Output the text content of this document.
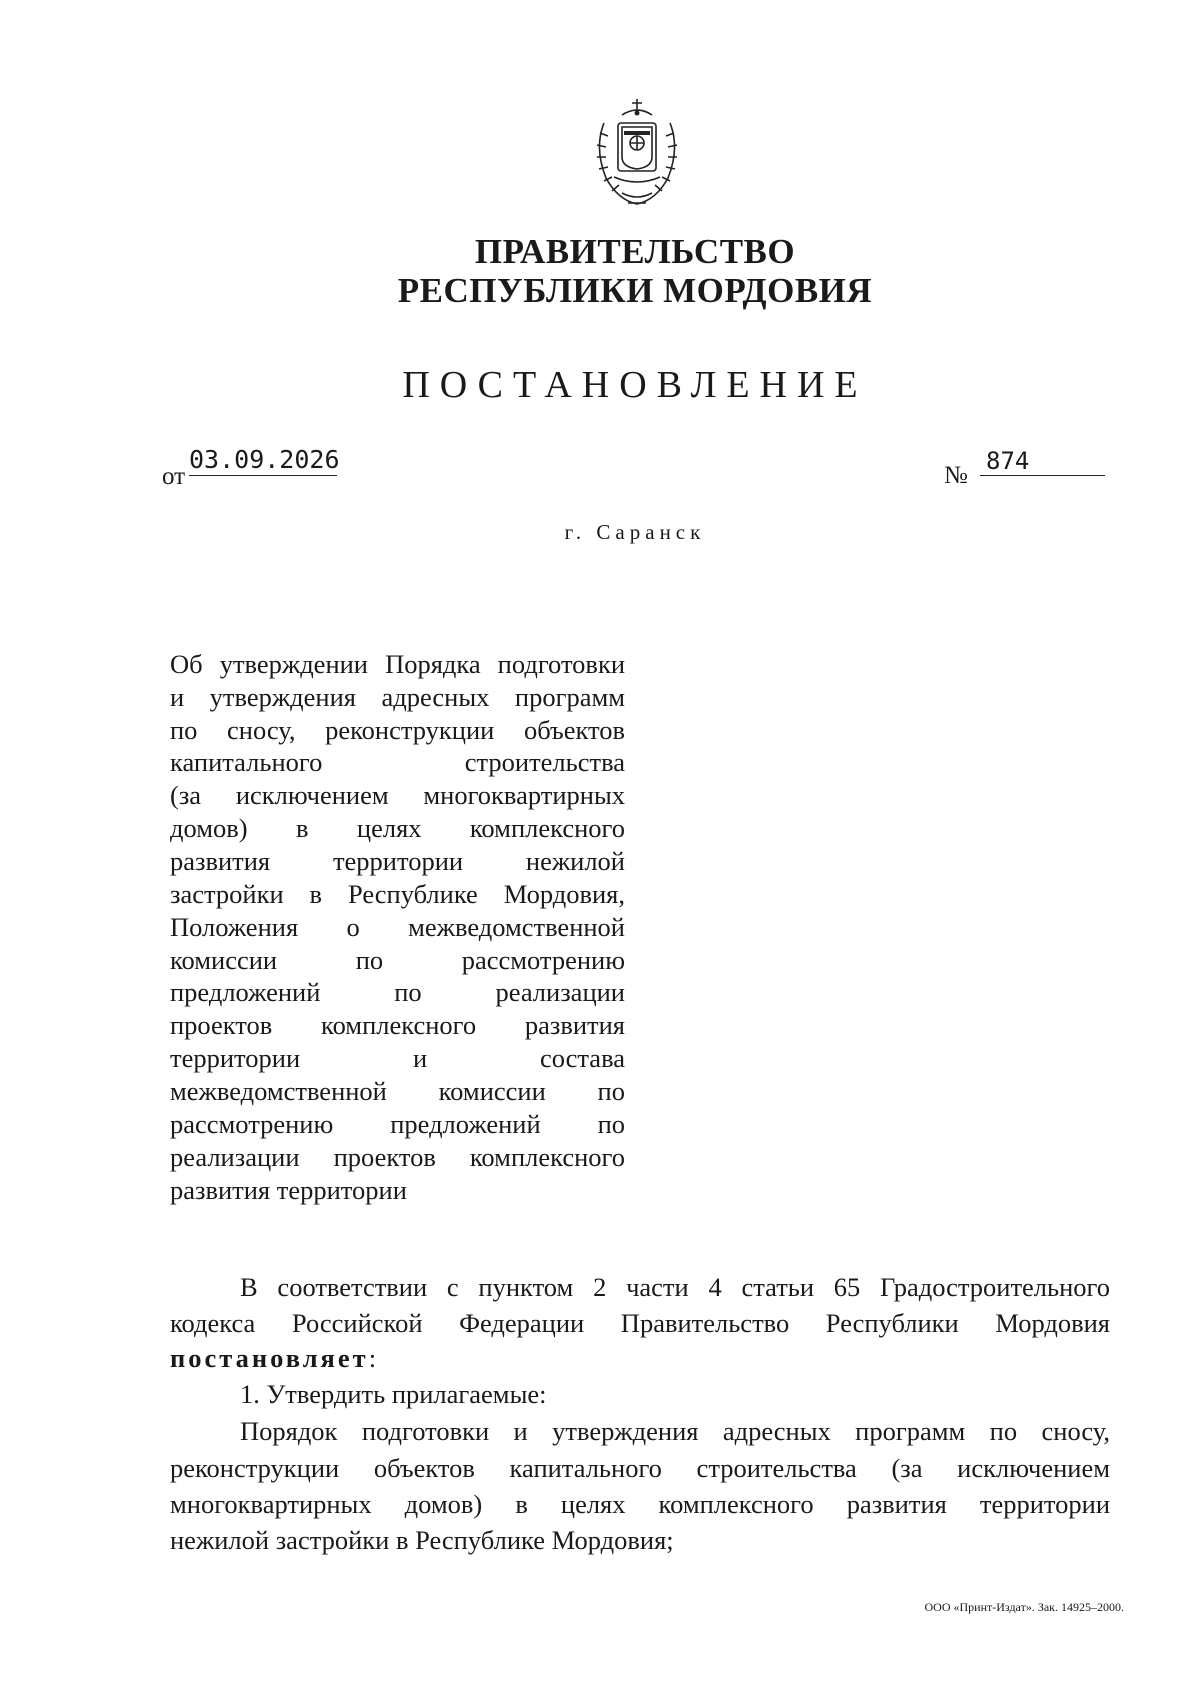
ПРАВИТЕЛЬСТВО
РЕСПУБЛИКИ МОРДОВИЯ
ПОСТАНОВЛЕНИЕ
от
03.09.2026
№
874
г. Саранск
Об утверждении Порядка подготовки
и утверждения адресных программ
по сносу, реконструкции объектов
капитального строительства
(за исключением многоквартирных
домов) в целях комплексного
развития территории нежилой
застройки в Республике Мордовия,
Положения о межведомственной
комиссии по рассмотрению
предложений по реализации
проектов комплексного развития
территории и состава
межведомственной комиссии по
рассмотрению предложений по
реализации проектов комплексного
развития территории
В соответствии с пунктом 2 части 4 статьи 65 Градостроительного
кодекса Российской Федерации Правительство Республики Мордовия
постановляет:
1. Утвердить прилагаемые:
Порядок подготовки и утверждения адресных программ по сносу,
реконструкции объектов капитального строительства (за исключением
многоквартирных домов) в целях комплексного развития территории
нежилой застройки в Республике Мордовия;
ООО «Принт-Издат». Зак. 14925–2000.
